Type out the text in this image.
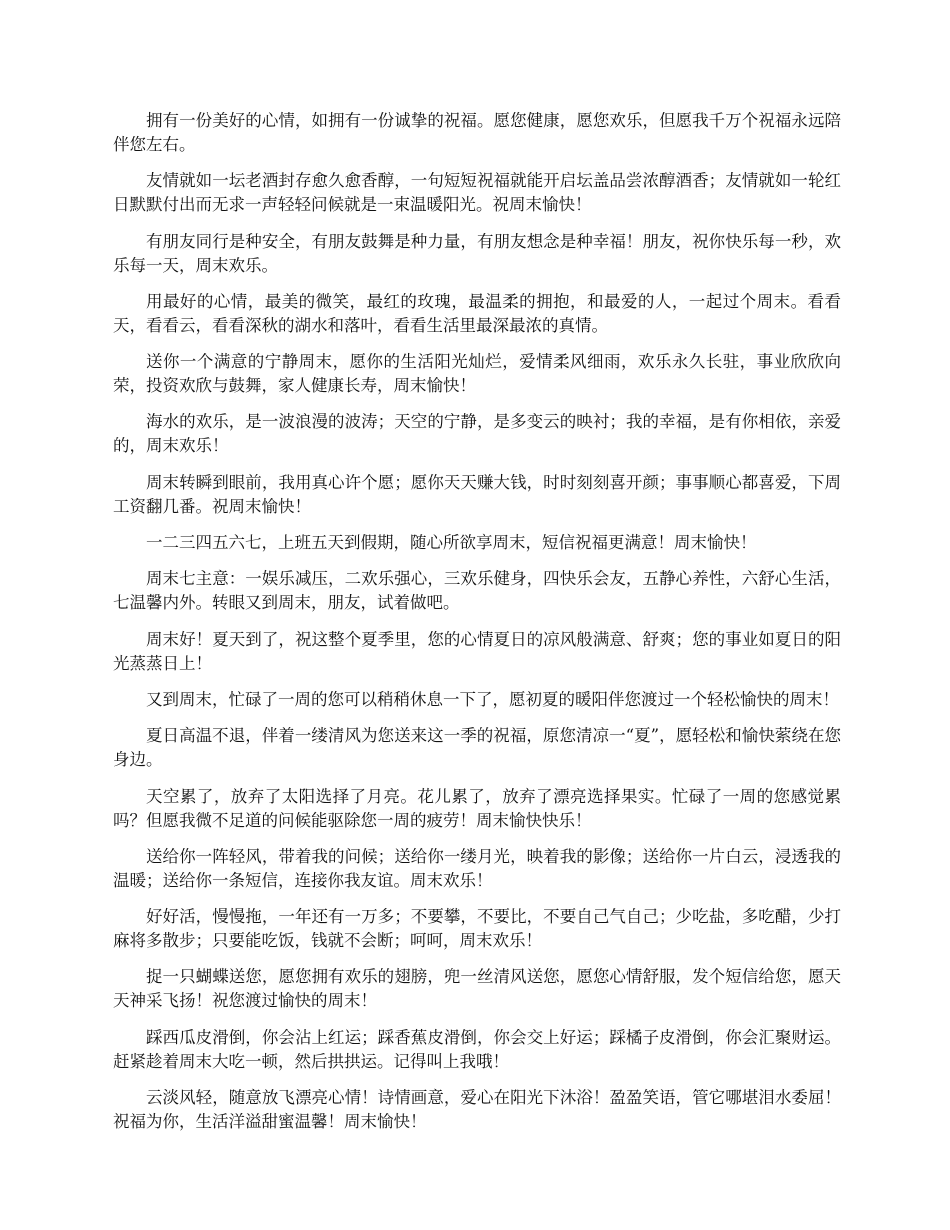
拥有一份美好的心情，如拥有一份诚挚的祝福。愿您健康，愿您欢乐，但愿我千万个祝福永远陪伴您左右。

友情就如一坛老酒封存愈久愈香醇，一句短短祝福就能开启坛盖品尝浓醇酒香；友情就如一轮红日默默付出而无求一声轻轻问候就是一束温暖阳光。祝周末愉快！

有朋友同行是种安全，有朋友鼓舞是种力量，有朋友想念是种幸福！朋友，祝你快乐每一秒，欢乐每一天，周末欢乐。

用最好的心情，最美的微笑，最红的玫瑰，最温柔的拥抱，和最爱的人，一起过个周末。看看天，看看云，看看深秋的湖水和落叶，看看生活里最深最浓的真情。

送你一个满意的宁静周末，愿你的生活阳光灿烂，爱情柔风细雨，欢乐永久长驻，事业欣欣向荣，投资欢欣与鼓舞，家人健康长寿，周末愉快！

海水的欢乐，是一波浪漫的波涛；天空的宁静，是多变云的映衬；我的幸福，是有你相依，亲爱的，周末欢乐！

周末转瞬到眼前，我用真心许个愿；愿你天天赚大钱，时时刻刻喜开颜；事事顺心都喜爱，下周工资翻几番。祝周末愉快！

一二三四五六七，上班五天到假期，随心所欲享周末，短信祝福更满意！周末愉快！

周末七主意：一娱乐减压，二欢乐强心，三欢乐健身，四快乐会友，五静心养性，六舒心生活，七温馨内外。转眼又到周末，朋友，试着做吧。

周末好！夏天到了，祝这整个夏季里，您的心情夏日的凉风般满意、舒爽；您的事业如夏日的阳光蒸蒸日上！

又到周末，忙碌了一周的您可以稍稍休息一下了，愿初夏的暖阳伴您渡过一个轻松愉快的周末！

夏日高温不退，伴着一缕清风为您送来这一季的祝福，原您清凉一“夏”，愿轻松和愉快萦绕在您身边。

天空累了，放弃了太阳选择了月亮。花儿累了，放弃了漂亮选择果实。忙碌了一周的您感觉累吗？但愿我微不足道的问候能驱除您一周的疲劳！周末愉快快乐！

送给你一阵轻风，带着我的问候；送给你一缕月光，映着我的影像；送给你一片白云，浸透我的温暖；送给你一条短信，连接你我友谊。周末欢乐！

好好活，慢慢拖，一年还有一万多；不要攀，不要比，不要自己气自己；少吃盐，多吃醋，少打麻将多散步；只要能吃饭，钱就不会断；呵呵，周末欢乐！

捉一只蝴蝶送您，愿您拥有欢乐的翅膀，兜一丝清风送您，愿您心情舒服，发个短信给您，愿天天神采飞扬！祝您渡过愉快的周末！

踩西瓜皮滑倒，你会沾上红运；踩香蕉皮滑倒，你会交上好运；踩橘子皮滑倒，你会汇聚财运。赶紧趁着周末大吃一顿，然后拱拱运。记得叫上我哦！

云淡风轻，随意放飞漂亮心情！诗情画意，爱心在阳光下沐浴！盈盈笑语，管它哪堪泪水委屈！祝福为你，生活洋溢甜蜜温馨！周末愉快！
